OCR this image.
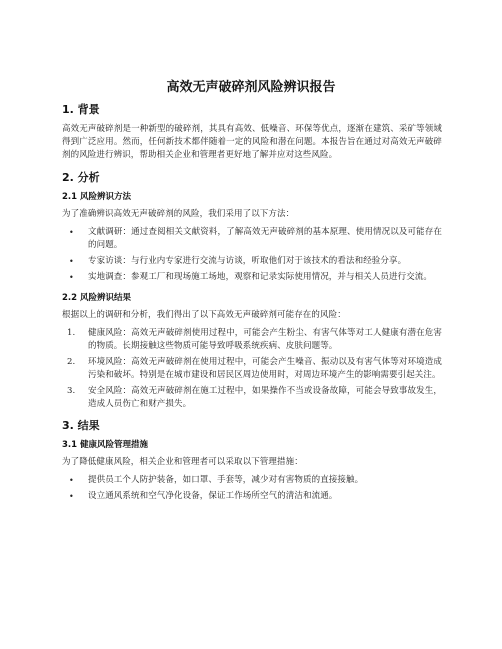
高效无声破碎剂风险辨识报告
1. 背景

高效无声破碎剂是一种新型的破碎剂，其具有高效、低噪音、环保等优点，逐渐在建筑、采矿等领域得到广泛应用。然而，任何新技术都伴随着一定的风险和潜在问题。本报告旨在通过对高效无声破碎剂的风险进行辨识，帮助相关企业和管理者更好地了解并应对这些风险。

2. 分析
2.1 风险辨识方法

为了准确辨识高效无声破碎剂的风险，我们采用了以下方法：

• 文献调研：通过查阅相关文献资料，了解高效无声破碎剂的基本原理、使用情况以及可能存在的问题。
• 专家访谈：与行业内专家进行交流与访谈，听取他们对于该技术的看法和经验分享。
• 实地调查：参观工厂和现场施工场地，观察和记录实际使用情况，并与相关人员进行交流。
2.2 风险辨识结果

根据以上的调研和分析，我们得出了以下高效无声破碎剂可能存在的风险：

1. 健康风险：高效无声破碎剂使用过程中，可能会产生粉尘、有害气体等对工人健康有潜在危害的物质。长期接触这些物质可能导致呼吸系统疾病、皮肤问题等。
2. 环境风险：高效无声破碎剂在使用过程中，可能会产生噪音、振动以及有害气体等对环境造成污染和破坏。特别是在城市建设和居民区周边使用时，对周边环境产生的影响需要引起关注。
3. 安全风险：高效无声破碎剂在施工过程中，如果操作不当或设备故障，可能会导致事故发生，造成人员伤亡和财产损失。
3. 结果
3.1 健康风险管理措施

为了降低健康风险，相关企业和管理者可以采取以下管理措施：

• 提供员工个人防护装备，如口罩、手套等，减少对有害物质的直接接触。
• 设立通风系统和空气净化设备，保证工作场所空气的清洁和流通。
